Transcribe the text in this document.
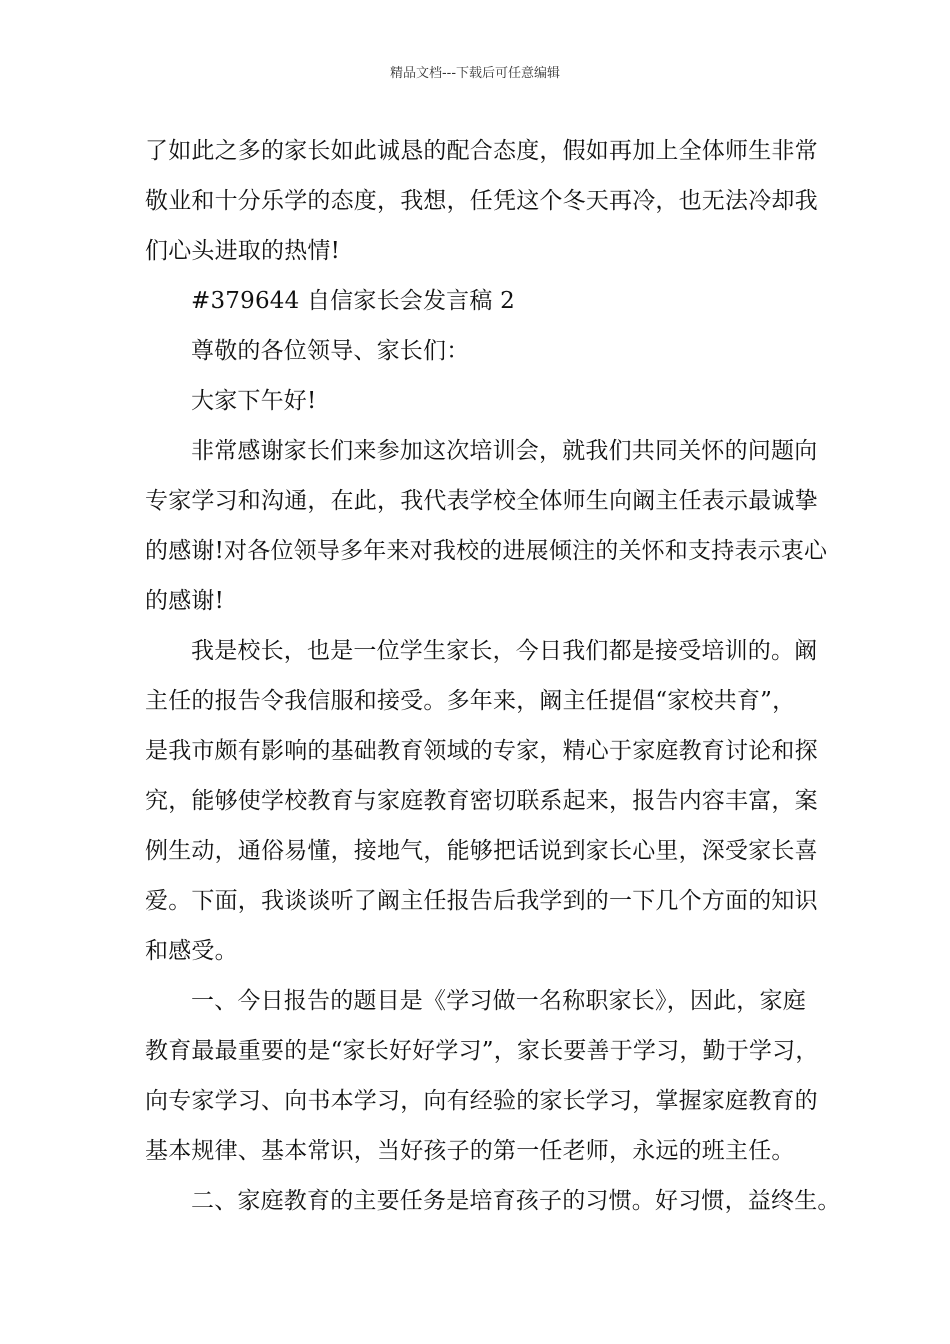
精品文档---下载后可任意编辑
了如此之多的家长如此诚恳的配合态度，假如再加上全体师生非常
敬业和十分乐学的态度，我想，任凭这个冬天再冷，也无法冷却我
们心头进取的热情!
#379644 自信家长会发言稿 2
尊敬的各位领导、家长们：
大家下午好!
非常感谢家长们来参加这次培训会，就我们共同关怀的问题向
专家学习和沟通，在此，我代表学校全体师生向阚主任表示最诚挚
的感谢!对各位领导多年来对我校的进展倾注的关怀和支持表示衷心
的感谢!
我是校长，也是一位学生家长，今日我们都是接受培训的。阚
主任的报告令我信服和接受。多年来，阚主任提倡“家校共育”，
是我市颇有影响的基础教育领域的专家，精心于家庭教育讨论和探
究，能够使学校教育与家庭教育密切联系起来，报告内容丰富，案
例生动，通俗易懂，接地气，能够把话说到家长心里，深受家长喜
爱。下面，我谈谈听了阚主任报告后我学到的一下几个方面的知识
和感受。
一、今日报告的题目是《学习做一名称职家长》，因此，家庭
教育最最重要的是“家长好好学习”，家长要善于学习，勤于学习，
向专家学习、向书本学习，向有经验的家长学习，掌握家庭教育的
基本规律、基本常识，当好孩子的第一任老师，永远的班主任。
二、家庭教育的主要任务是培育孩子的习惯。好习惯，益终生。
